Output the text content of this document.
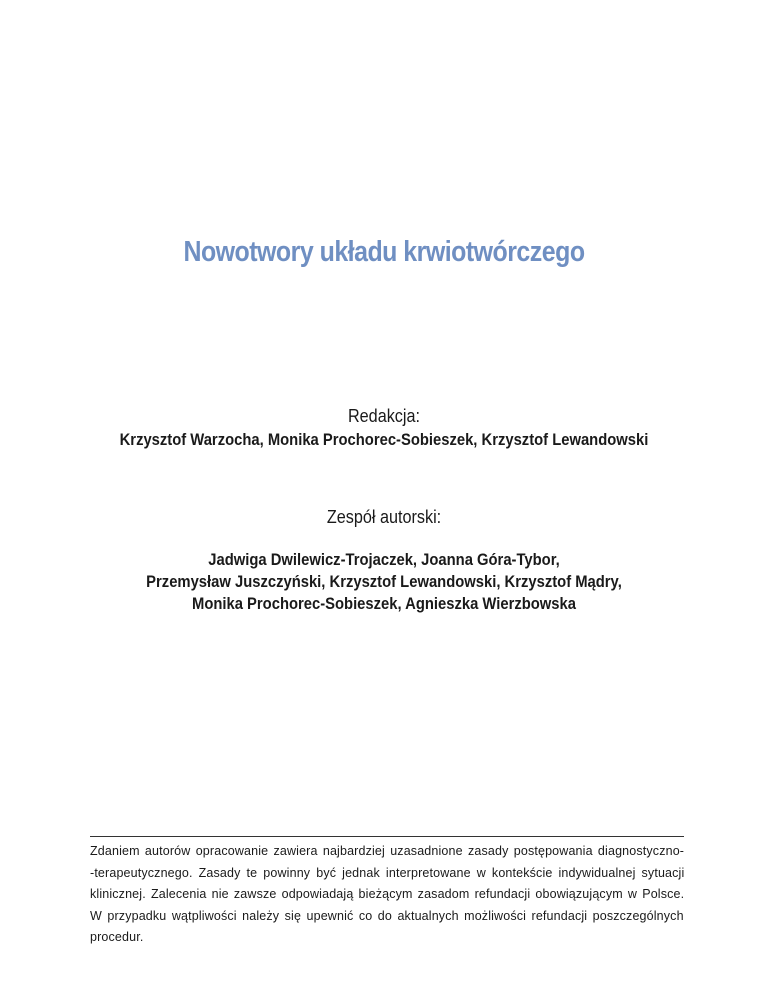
Nowotwory układu krwiotwórczego

Redakcja:

Krzysztof Warzocha, Monika Prochorec-Sobieszek, Krzysztof Lewandowski

Zespół autorski:

Jadwiga Dwilewicz-Trojaczek, Joanna Góra-Tybor,
Przemysław Juszczyński, Krzysztof Lewandowski, Krzysztof Mądry,
Monika Prochorec-Sobieszek, Agnieszka Wierzbowska

Zdaniem autorów opracowanie zawiera najbardziej uzasadnione zasady postępowania diagnostyczno-
-terapeutycznego. Zasady te powinny być jednak interpretowane w kontekście indywidualnej sytuacji
klinicznej. Zalecenia nie zawsze odpowiadają bieżącym zasadom refundacji obowiązującym w Polsce.
W przypadku wątpliwości należy się upewnić co do aktualnych możliwości refundacji poszczególnych
procedur.
